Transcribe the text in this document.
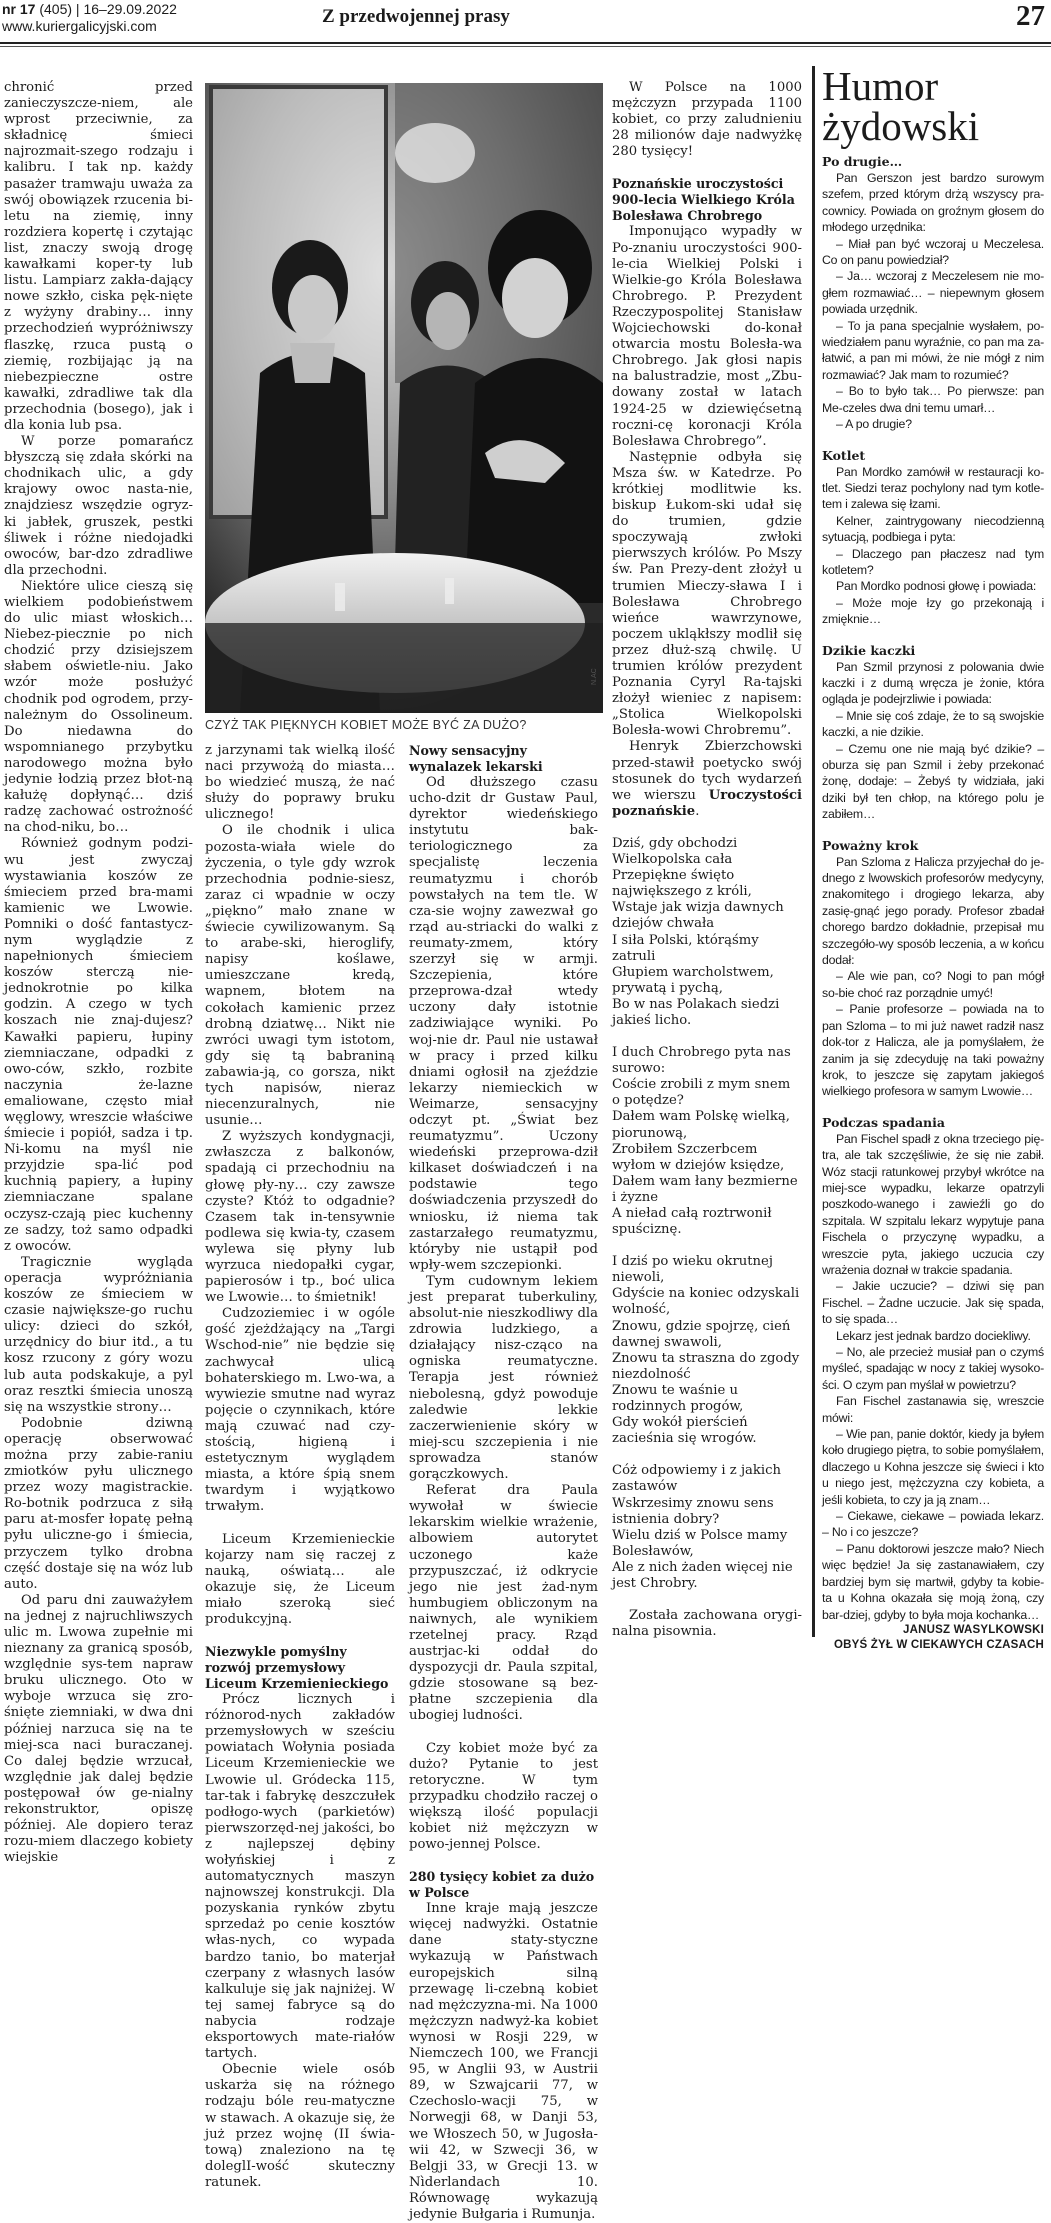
nr 17 (405) | 16–29.09.2022
www.kuriergalicyjski.com	Z przedwojennej prasy	27

chronić przed zanieczyszcze-niem, ale wprost przeciwnie, za składnicę śmieci najrozmait-szego rodzaju i kalibru. I tak np. każdy pasażer tramwaju uważa za swój obowiązek rzucenia bi-letu na ziemię, inny rozdziera kopertę i czytając list, znaczy swoją drogę kawałkami koper-ty lub listu. Lampiarz zakła-dający nowe szkło, ciska pęk-nięte z wyżyny drabiny… inny przechodzień wypróżniwszy flaszkę, rzuca pustą o ziemię, rozbijając ją na niebezpieczne ostre kawałki, zdradliwe tak dla przechodnia (bosego), jak i dla konia lub psa.

W porze pomarańcz błyszczą się zdała skórki na chodnikach ulic, a gdy krajowy owoc nasta-nie, znajdziesz wszędzie ogryz-ki jabłek, gruszek, pestki śliwek i różne niedojadki owoców, bar-dzo zdradliwe dla przechodni.

Niektóre ulice cieszą się wielkiem podobieństwem do ulic miast włoskich… Niebez-piecznie po nich chodzić przy dzisiejszem słabem oświetle-niu. Jako wzór może posłużyć chodnik pod ogrodem, przy-należnym do Ossolineum. Do niedawna do wspomnianego przybytku narodowego można było jedynie łodzią przez błot-ną kałużę dopłynąć… dziś radzę zachować ostrożność na chod-niku, bo…

Również godnym podzi-wu jest zwyczaj wystawiania koszów ze śmieciem przed bra-mami kamienic we Lwowie. Pomniki o dość fantastycz-nym wyglądzie z napełnionych śmieciem koszów sterczą nie-jednokrotnie po kilka godzin. A czego w tych koszach nie znaj-dujesz? Kawałki papieru, łupiny ziemniaczane, odpadki z owo-ców, szkło, rozbite naczynia że-lazne emaliowane, często miał węglowy, wreszcie właściwe śmiecie i popiół, sadza i tp. Ni-komu na myśl nie przyjdzie spa-lić pod kuchnią papiery, a łupiny ziemniaczane spalane oczysz-czają piec kuchenny ze sadzy, toż samo odpadki z owoców.

Tragicznie wygląda operacja wypróżniania koszów ze śmieciem w czasie największe-go ruchu ulicy: dzieci do szkół, urzędnicy do biur itd., a tu kosz rzucony z góry wozu lub auta podskakuje, a pyl oraz resztki śmiecia unoszą się na wszystkie strony…

Podobnie dziwną operację obserwować można przy zabie-raniu zmiotków pyłu ulicznego przez wozy magistrackie. Ro-botnik podrzuca z siłą paru at-mosfer łopatę pełną pyłu uliczne-go i śmiecia, przyczem tylko drobna część dostaje się na wóz lub auto.

Od paru dni zauważyłem na jednej z najruchliwszych ulic m. Lwowa zupełnie mi nieznany za granicą sposób, względnie sys-tem napraw bruku ulicznego. Oto w wyboje wrzuca się zro-śnięte ziemniaki, w dwa dni później narzuca się na te miej-sca naci buraczanej. Co dalej będzie wrzucał, względnie jak dalej będzie postępował ów ge-nialny rekonstruktor, opiszę później. Ale dopiero teraz rozu-miem dlaczego kobiety wiejskie

CZYŻ TAK PIĘKNYCH KOBIET MOŻE BYĆ ZA DUŻO?
N.AC

z jarzynami tak wielką ilość naci przywożą do miasta… bo wiedzieć muszą, że nać służy do poprawy bruku ulicznego!

O ile chodnik i ulica pozosta-wiała wiele do życzenia, o tyle gdy wzrok przechodnia podnie-siesz, zaraz ci wpadnie w oczy „piękno” mało znane w świecie cywilizowanym. Są to arabe-ski, hieroglify, napisy koślawe, umieszczane kredą, wapnem, błotem na cokołach kamienic przez drobną dziatwę… Nikt nie zwróci uwagi tym istotom, gdy się tą babraniną zabawia-ją, co gorsza, nikt tych napisów, nieraz niecenzuralnych, nie usunie…

Z wyższych kondygnacji, zwłaszcza z balkonów, spadają ci przechodniu na głowę pły-ny… czy zawsze czyste? Któż to odgadnie? Czasem tak in-tensywnie podlewa się kwia-ty, czasem wylewa się płyny lub wyrzuca niedopałki cygar, papierosów i tp., boć ulica we Lwowie… to śmietnik!

Cudzoziemiec i w ogóle gość zjeżdżający na „Targi Wschod-nie” nie będzie się zachwycał ulicą bohaterskiego m. Lwo-wa, a wywiezie smutne nad wyraz pojęcie o czynnikach, które mają czuwać nad czy-stością, higieną i estetycznym wyglądem miasta, a które śpią snem twardym i wyjątkowo trwałym.

Liceum Krzemienieckie kojarzy nam się raczej z nauką, oświatą… ale okazuje się, że Liceum miało szeroką sieć produkcyjną.

Niezwykle pomyślny rozwój przemysłowy Liceum Krzemienieckiego

Prócz licznych i różnorod-nych zakładów przemysłowych w sześciu powiatach Wołynia posiada Liceum Krzemienieckie we Lwowie ul. Gródecka 115, tar-tak i fabrykę deszczułek podłogo-wych (parkietów) pierwszorzęd-nej jakości, bo z najlepszej dębiny wołyńskiej i z automatycznych maszyn najnowszej konstrukcji. Dla pozyskania rynków zbytu sprzedaż po cenie kosztów włas-nych, co wypada bardzo tanio, bo materjał czerpany z własnych lasów kalkuluje się jak najniżej. W tej samej fabryce są do nabycia rodzaje eksportowych mate-riałów tartych.

Obecnie wiele osób uskarża się na różnego rodzaju bóle reu-matyczne w stawach. A okazuje się, że już przez wojnę (II świa-tową) znaleziono na tę doleglI-wość skuteczny ratunek.

Nowy sensacyjny wynalazek lekarski

Od dłuższego czasu ucho-dzit dr Gustaw Paul, dyrektor wiedeńskiego instytutu bak-teriologicznego za specjalistę leczenia reumatyzmu i chorób powstałych na tem tle. W cza-sie wojny zawezwał go rząd au-striacki do walki z reumaty-zmem, który szerzył się w armji. Szczepienia, które przeprowa-dzał wtedy uczony dały istotnie zadziwiające wyniki. Po woj-nie dr. Paul nie ustawał w pracy i przed kilku dniami ogłosił na zjeździe lekarzy niemieckich w Weimarze, sensacyjny odczyt pt. „Świat bez reumatyzmu”. Uczony wiedeński przeprowa-dził kilkaset doświadczeń i na podstawie tego doświadczenia przyszedł do wniosku, iż niema tak zastarzałego reumatyzmu, któryby nie ustąpił pod wpły-wem szczepionki.

Tym cudownym lekiem jest preparat tuberkuliny, absolut-nie nieszkodliwy dla zdrowia ludzkiego, a działający nisz-cząco na ogniska reumatyczne. Terapja jest również niebolesną, gdyż powoduje zaledwie lekkie zaczerwienienie skóry w miej-scu szczepienia i nie sprowadza stanów gorączkowych.

Referat dra Paula wywołał w świecie lekarskim wielkie wrażenie, albowiem autorytet uczonego każe przypuszczać, iż odkrycie jego nie jest żad-nym humbugiem obliczonym na naiwnych, ale wynikiem rzetelnej pracy. Rząd austrjac-ki oddał do dyspozycji dr. Paula szpital, gdzie stosowane są bez-płatne szczepienia dla ubogiej ludności.

Czy kobiet może być za dużo? Pytanie to jest retoryczne. W tym przypadku chodziło raczej o większą ilość populacji kobiet niż mężczyzn w powo-jennej Polsce.

280 tysięcy kobiet za dużo w Polsce

Inne kraje mają jeszcze więcej nadwyżki. Ostatnie dane staty-styczne wykazują w Państwach europejskich silną przewagę li-czebną kobiet nad mężczyzna-mi. Na 1000 mężczyzn nadwyż-ka kobiet wynosi w Rosji 229, w Niemczech 100, we Francji 95, w Anglii 93, w Austrii 89, w Szwajcarii 77, w Czechoslo-wacji 75, w Norwegji 68, w Danji 53, we Włoszech 50, w Jugosła-wii 42, w Szwecji 36, w Belgji 33, w Grecji 13. w Nìderlandach 10. Równowagę wykazują jedynie Bułgaria i Rumunja.

W Polsce na 1000 mężczyzn przypada 1100 kobiet, co przy zaludnieniu 28 milionów daje nadwyżkę 280 tysięcy!

Poznańskie uroczystości 900-lecia Wielkiego Króla Bolesława Chrobrego

Imponująco wypadły w Po-znaniu uroczystości 900-le-cia Wielkiej Polski i Wielkie-go Króla Bolesława Chrobrego. P. Prezydent Rzeczypospolitej Stanisław Wojciechowski do-konał otwarcia mostu Bolesła-wa Chrobrego. Jak głosi napis na balustradzie, most „Zbu-dowany został w latach 1924-25 w dziewięćsetną roczni-cę koronacji Króla Bolesława Chrobrego”.

Następnie odbyła się Msza św. w Katedrze. Po krótkiej modlitwie ks. biskup Łukom-ski udał się do trumien, gdzie spoczywają zwłoki pierwszych królów. Po Mszy św. Pan Prezy-dent złożył u trumien Mieczy-sława I i Bolesława Chrobrego wieńce wawrzynowe, poczem ukląkłszy modlił się przez dłuż-szą chwilę. U trumien królów prezydent Poznania Cyryl Ra-tajski złożył wieniec z napisem: „Stolica Wielkopolski Bolesła-wowi Chrobremu”.

Henryk Zbierzchowski przed-stawił poetycko swój stosunek do tych wydarzeń we wierszu Uroczystości poznańskie.

Dziś, gdy obchodzi Wielkopolska cała

Przepiękne święto największego z króli,

Wstaje jak wizja dawnych dziejów chwała

I siła Polski, którąśmy zatruli

Głupiem warcholstwem, prywatą i pychą,

Bo w nas Polakach siedzi jakieś licho.

I duch Chrobrego pyta nas surowo:

Coście zrobili z mym snem o potędze?

Dałem wam Polskę wielką, piorunową,

Zrobiłem Szczerbcem wyłom w dziejów księdze,

Dałem wam łany bezmierne i żyzne

A nieład całą roztrwonił spuściznę.

I dziś po wieku okrutnej niewoli,

Gdyście na koniec odzyskali wolność,

Znowu, gdzie spojrzę, cień dawnej swawoli,

Znowu ta straszna do zgody niezdolność

Znowu te waśnie u rodzinnych progów,

Gdy wokół pierścień zacieśnia się wrogów.

Cóż odpowiemy i z jakich zastawów

Wskrzesimy znowu sens istnienia dobry?

Wielu dziś w Polsce mamy Bolesławów,

Ale z nich żaden więcej nie jest Chrobry.

Została zachowana orygi-nalna pisownia.

Humor
żydowski
Po drugie…

Pan Gerszon jest bardzo surowym szefem, przed którym drżą wszyscy pra-cownicy. Powiada on groźnym głosem do młodego urzędnika:

– Miał pan być wczoraj u Meczelesa. Co on panu powiedział?

– Ja… wczoraj z Meczelesem nie mo-głem rozmawiać… – niepewnym głosem powiada urzędnik.

– To ja pana specjalnie wysłałem, po-wiedziałem panu wyraźnie, co pan ma za-łatwić, a pan mi mówi, że nie mógł z nim rozmawiać? Jak mam to rozumieć?

– Bo to było tak… Po pierwsze: pan Me-czeles dwa dni temu umarł…

– A po drugie?

Kotlet

Pan Mordko zamówił w restauracji ko-tlet. Siedzi teraz pochylony nad tym kotle-tem i zalewa się łzami.

Kelner, zaintrygowany niecodzienną sytuacją, podbiega i pyta:

– Dlaczego pan płaczesz nad tym kotletem?

Pan Mordko podnosi głowę i powiada:

– Może moje łzy go przekonają i zmięknie…

Dzikie kaczki

Pan Szmil przynosi z polowania dwie kaczki i z dumą wręcza je żonie, która ogląda je podejrzliwie i powiada:

– Mnie się coś zdaje, że to są swojskie kaczki, a nie dzikie.

– Czemu one nie mają być dzikie? – oburza się pan Szmil i żeby przekonać żonę, dodaje: – Żebyś ty widziała, jaki dziki był ten chłop, na którego polu je zabiłem…

Poważny krok

Pan Szloma z Halicza przyjechał do je-dnego z lwowskich profesorów medycyny, znakomitego i drogiego lekarza, aby zasię-gnąć jego porady. Profesor zbadał chorego bardzo dokładnie, przepisał mu szczegóło-wy sposób leczenia, a w końcu dodał:

– Ale wie pan, co? Nogi to pan mógł so-bie choć raz porządnie umyć!

– Panie profesorze – powiada na to pan Szloma – to mi już nawet radził nasz dok-tor z Halicza, ale ja pomyślałem, że zanim ja się zdecyduję na taki poważny krok, to jeszcze się zapytam jakiegoś wielkiego profesora w samym Lwowie…

Podczas spadania

Pan Fischel spadł z okna trzeciego pię-tra, ale tak szczęśliwie, że się nie zabił. Wóz stacji ratunkowej przybył wkrótce na miej-sce wypadku, lekarze opatrzyli poszkodo-wanego i zawieźli go do szpitala. W szpitalu lekarz wypytuje pana Fischela o przyczynę wypadku, a wreszcie pyta, jakiego uczucia czy wrażenia doznał w trakcie spadania.

– Jakie uczucie? – dziwi się pan Fischel. – Żadne uczucie. Jak się spada, to się spada…

Lekarz jest jednak bardzo dociekliwy.

– No, ale przecież musiał pan o czymś myśleć, spadając w nocy z takiej wysoko-ści. O czym pan myślał w powietrzu?

Fan Fischel zastanawia się, wreszcie mówi:

– Wie pan, panie doktór, kiedy ja byłem koło drugiego piętra, to sobie pomyślałem, dlaczego u Kohna jeszcze się świeci i kto u niego jest, mężczyzna czy kobieta, a jeśli kobieta, to czy ja ją znam…

– Ciekawe, ciekawe – powiada lekarz. – No i co jeszcze?

– Panu doktorowi jeszcze mało? Niech więc będzie! Ja się zastanawiałem, czy bardziej bym się martwił, gdyby ta kobie-ta u Kohna okazała się moją żoną, czy bar-dziej, gdyby to była moja kochanka…

JANUSZ WASYLKOWSKI
OBYŚ ŻYŁ W CIEKAWYCH CZASACH
